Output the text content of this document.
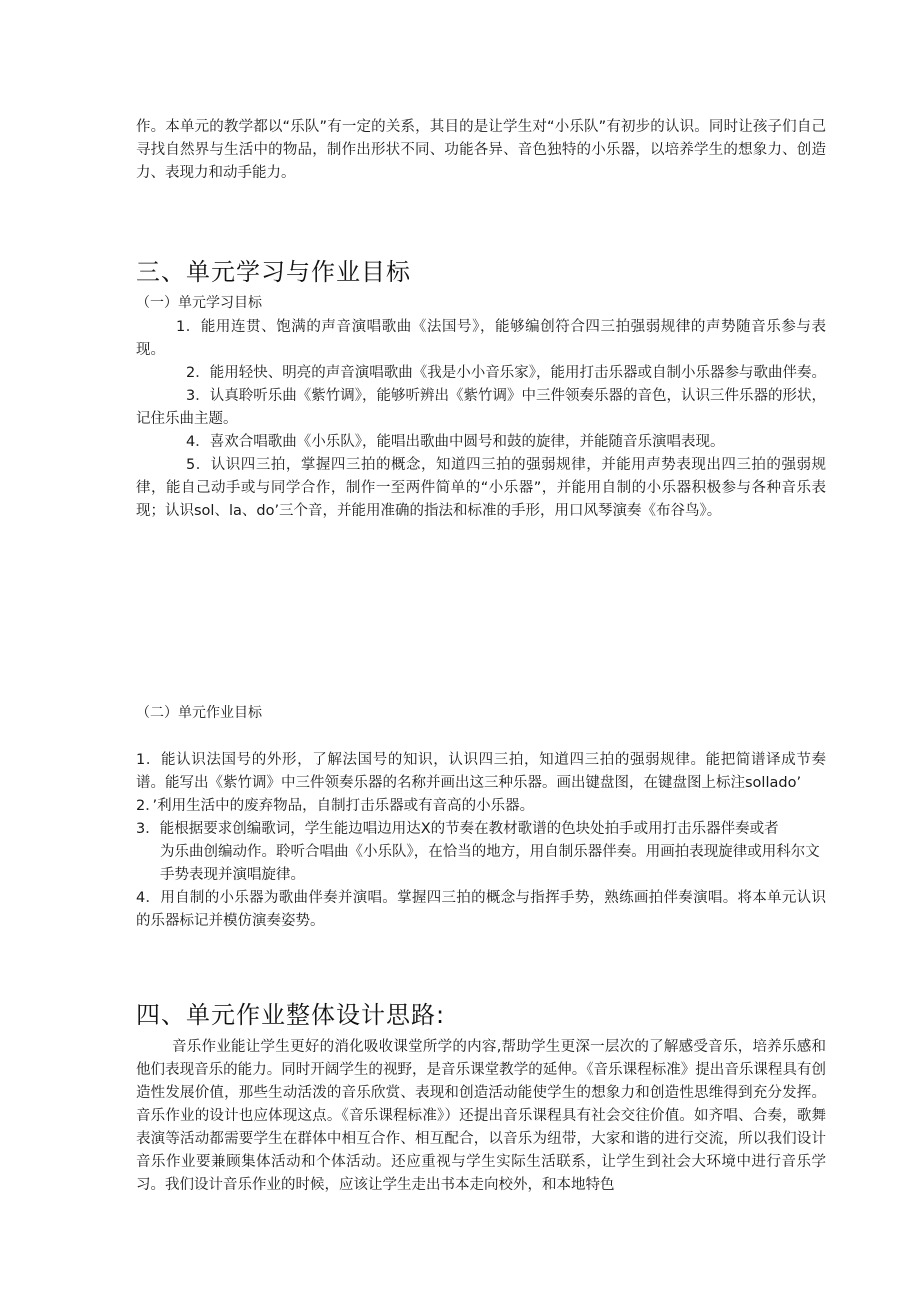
作。本单元的教学都以“乐队”有一定的关系，其目的是让学生对“小乐队”有初步的认识。同时让孩子们自己寻找自然界与生活中的物品，制作出形状不同、功能各异、音色独特的小乐器，以培养学生的想象力、创造力、表现力和动手能力。

三、单元学习与作业目标

（一）单元学习目标

1．能用连贯、饱满的声音演唱歌曲《法国号》，能够编创符合四三拍强弱规律的声势随音乐参与表现。

2．能用轻快、明亮的声音演唱歌曲《我是小小音乐家》，能用打击乐器或自制小乐器参与歌曲伴奏。

3．认真聆听乐曲《紫竹调》，能够听辨出《紫竹调》中三件领奏乐器的音色，认识三件乐器的形状，记住乐曲主题。

4．喜欢合唱歌曲《小乐队》，能唱出歌曲中圆号和鼓的旋律，并能随音乐演唱表现。

5．认识四三拍，掌握四三拍的概念，知道四三拍的强弱规律，并能用声势表现出四三拍的强弱规律，能自己动手或与同学合作，制作一至两件简单的“小乐器”，并能用自制的小乐器积极参与各种音乐表现；认识sol、la、do’三个音，并能用准确的指法和标准的手形，用口风琴演奏《布谷鸟》。

（二）单元作业目标

1．能认识法国号的外形，了解法国号的知识，认识四三拍，知道四三拍的强弱规律。能把简谱译成节奏谱。能写出《紫竹调》中三件领奏乐器的名称并画出这三种乐器。画出键盘图，在键盘图上标注sollado’

2．’利用生活中的废弃物品，自制打击乐器或有音高的小乐器。

3．能根据要求创编歌词，学生能边唱边用达X的节奏在教材歌谱的色块处拍手或用打击乐器伴奏或者

为乐曲创编动作。聆听合唱曲《小乐队》，在恰当的地方，用自制乐器伴奏。用画拍表现旋律或用科尔文手势表现并演唱旋律。

4．用自制的小乐器为歌曲伴奏并演唱。掌握四三拍的概念与指挥手势，熟练画拍伴奏演唱。将本单元认识的乐器标记并模仿演奏姿势。

四、单元作业整体设计思路:

音乐作业能让学生更好的消化吸收课堂所学的内容,帮助学生更深一层次的了解感受音乐，培养乐感和他们表现音乐的能力。同时开阔学生的视野，是音乐课堂教学的延伸。《音乐课程标准》提出音乐课程具有创造性发展价值，那些生动活泼的音乐欣赏、表现和创造活动能使学生的想象力和创造性思维得到充分发挥。音乐作业的设计也应体现这点。《音乐课程标准》）还提出音乐课程具有社会交往价值。如齐唱、合奏，歌舞表演等活动都需要学生在群体中相互合作、相互配合，以音乐为纽带，大家和谐的进行交流，所以我们设计音乐作业要兼顾集体活动和个体活动。还应重视与学生实际生活联系，让学生到社会大环境中进行音乐学习。我们设计音乐作业的时候，应该让学生走出书本走向校外，和本地特色
